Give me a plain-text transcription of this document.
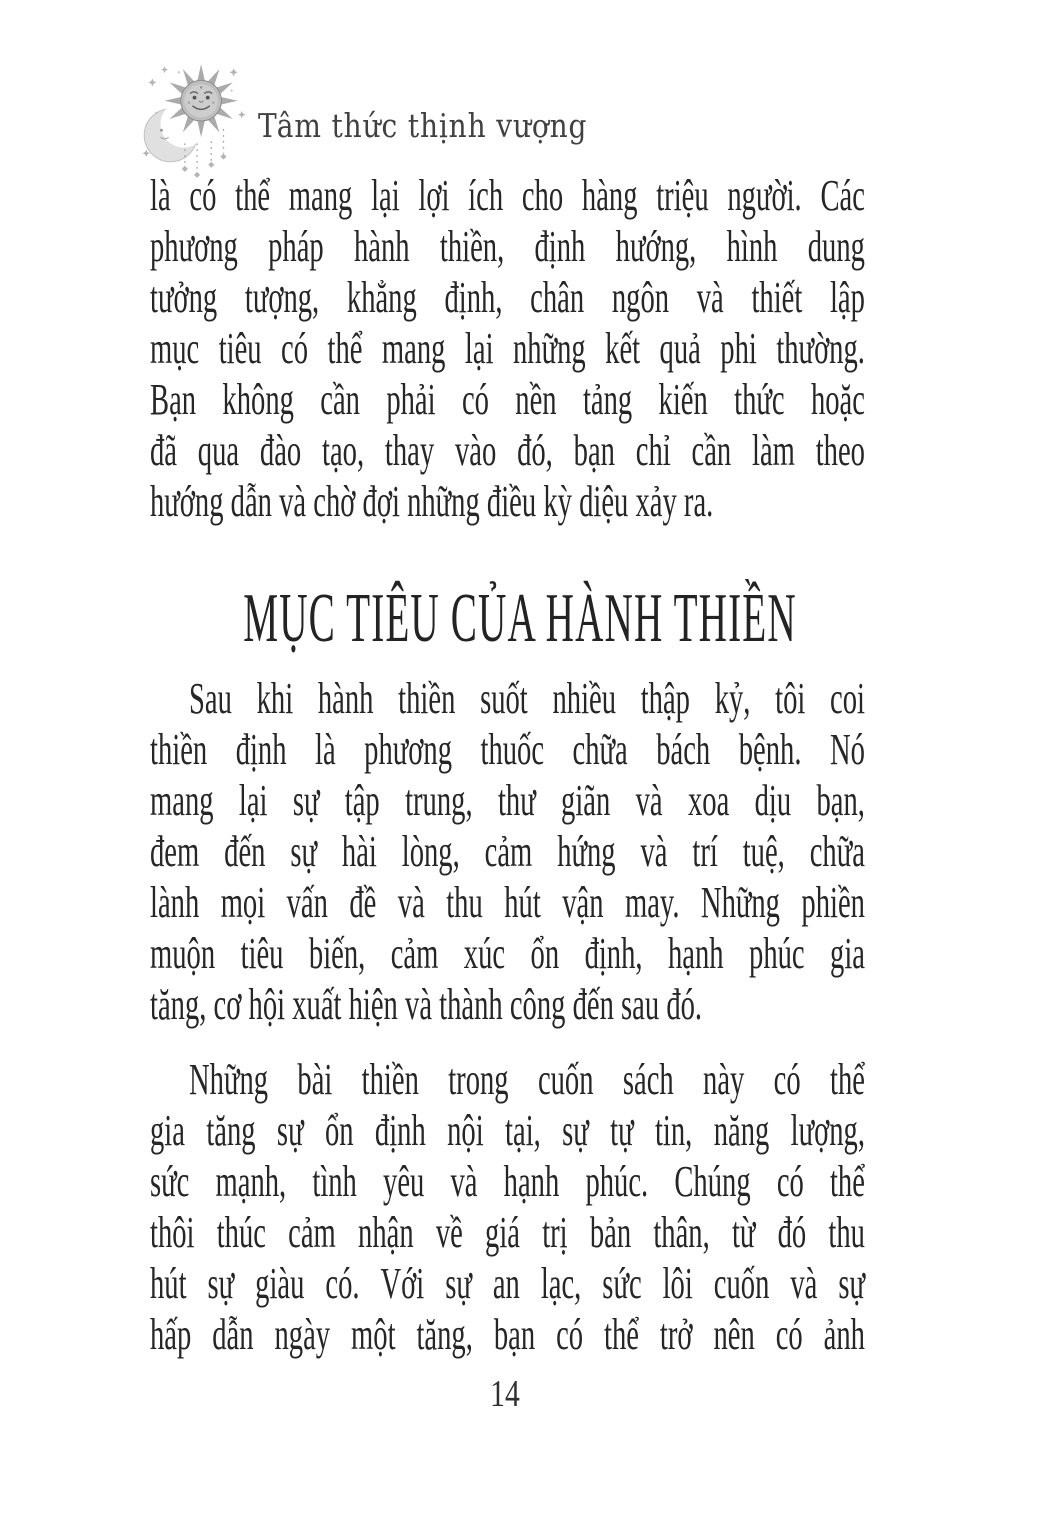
Tâm thức thịnh vượng
là có thể mang lại lợi ích cho hàng triệu người. Các
phương pháp hành thiền, định hướng, hình dung
tưởng tượng, khẳng định, chân ngôn và thiết lập
mục tiêu có thể mang lại những kết quả phi thường.
Bạn không cần phải có nền tảng kiến thức hoặc
đã qua đào tạo, thay vào đó, bạn chỉ cần làm theo
hướng dẫn và chờ đợi những điều kỳ diệu xảy ra.
MỤC TIÊU CỦA HÀNH THIỀN
Sau khi hành thiền suốt nhiều thập kỷ, tôi coi
thiền định là phương thuốc chữa bách bệnh. Nó
mang lại sự tập trung, thư giãn và xoa dịu bạn,
đem đến sự hài lòng, cảm hứng và trí tuệ, chữa
lành mọi vấn đề và thu hút vận may. Những phiền
muộn tiêu biến, cảm xúc ổn định, hạnh phúc gia
tăng, cơ hội xuất hiện và thành công đến sau đó.
Những bài thiền trong cuốn sách này có thể
gia tăng sự ổn định nội tại, sự tự tin, năng lượng,
sức mạnh, tình yêu và hạnh phúc. Chúng có thể
thôi thúc cảm nhận về giá trị bản thân, từ đó thu
hút sự giàu có. Với sự an lạc, sức lôi cuốn và sự
hấp dẫn ngày một tăng, bạn có thể trở nên có ảnh
14
